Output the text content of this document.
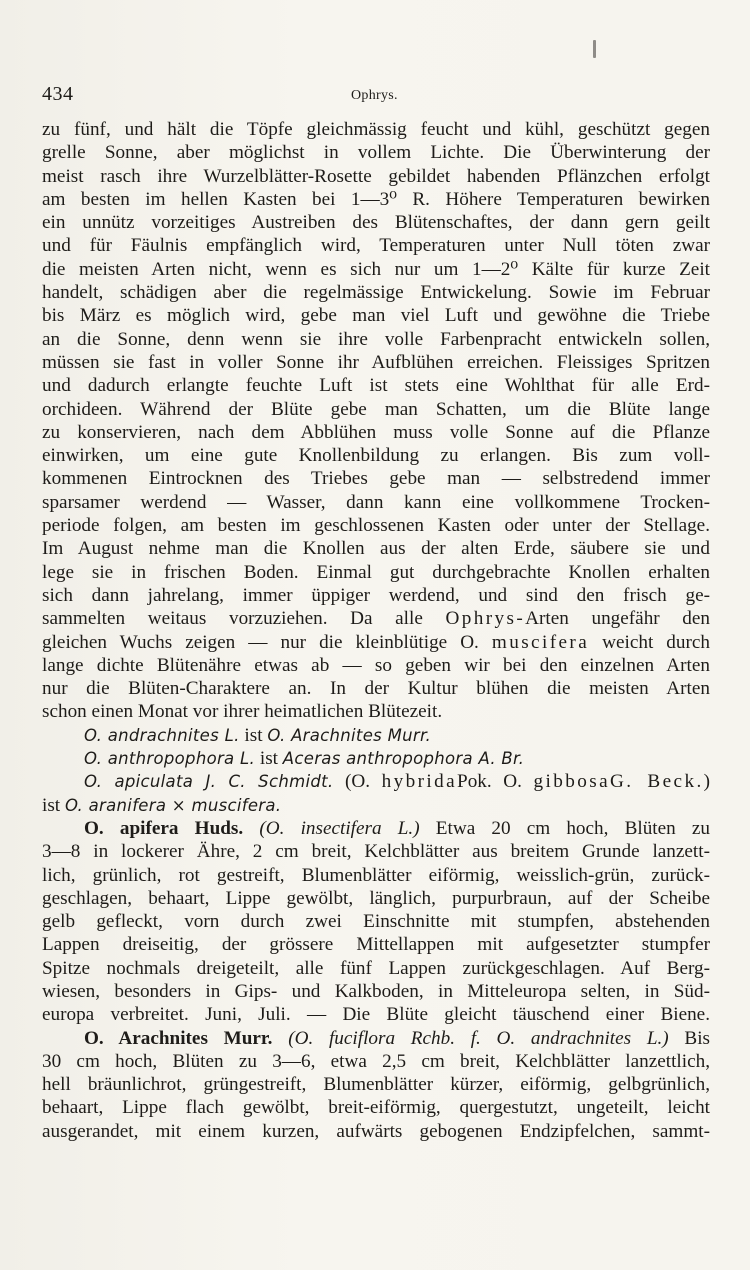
434	Ophrys.
zu fünf, und hält die Töpfe gleichmässig feucht und kühl, geschützt gegen
grelle Sonne, aber möglichst in vollem Lichte. Die Überwinterung der
meist rasch ihre Wurzelblätter-Rosette gebildet habenden Pflänzchen erfolgt
am besten im hellen Kasten bei 1—3⁰ R. Höhere Temperaturen bewirken
ein unnütz vorzeitiges Austreiben des Blütenschaftes, der dann gern geilt
und für Fäulnis empfänglich wird, Temperaturen unter Null töten zwar
die meisten Arten nicht, wenn es sich nur um 1—2⁰ Kälte für kurze Zeit
handelt, schädigen aber die regelmässige Entwickelung. Sowie im Februar
bis März es möglich wird, gebe man viel Luft und gewöhne die Triebe
an die Sonne, denn wenn sie ihre volle Farbenpracht entwickeln sollen,
müssen sie fast in voller Sonne ihr Aufblühen erreichen. Fleissiges Spritzen
und dadurch erlangte feuchte Luft ist stets eine Wohlthat für alle Erd-
orchideen. Während der Blüte gebe man Schatten, um die Blüte lange
zu konservieren, nach dem Abblühen muss volle Sonne auf die Pflanze
einwirken, um eine gute Knollenbildung zu erlangen. Bis zum voll-
kommenen Eintrocknen des Triebes gebe man — selbstredend immer
sparsamer werdend — Wasser, dann kann eine vollkommene Trocken-
periode folgen, am besten im geschlossenen Kasten oder unter der Stellage.
Im August nehme man die Knollen aus der alten Erde, säubere sie und
lege sie in frischen Boden. Einmal gut durchgebrachte Knollen erhalten
sich dann jahrelang, immer üppiger werdend, und sind den frisch ge-
sammelten weitaus vorzuziehen. Da alle Ophrys-Arten ungefähr den
gleichen Wuchs zeigen — nur die kleinblütige O. muscifera weicht durch
lange dichte Blütenähre etwas ab — so geben wir bei den einzelnen Arten
nur die Blüten-Charaktere an. In der Kultur blühen die meisten Arten
schon einen Monat vor ihrer heimatlichen Blütezeit.
O. andrachnites L. ist O. Arachnites Murr.
O. anthropophora L. ist Aceras anthropophora A. Br.
O. apiculata J. C. Schmidt. (O. hybridaPok. O. gibbosaG. Beck.)
ist O. aranifera × muscifera.
O. apifera Huds. (O. insectifera L.) Etwa 20 cm hoch, Blüten zu
3—8 in lockerer Ähre, 2 cm breit, Kelchblätter aus breitem Grunde lanzett-
lich, grünlich, rot gestreift, Blumenblätter eiförmig, weisslich-grün, zurück-
geschlagen, behaart, Lippe gewölbt, länglich, purpurbraun, auf der Scheibe
gelb gefleckt, vorn durch zwei Einschnitte mit stumpfen, abstehenden
Lappen dreiseitig, der grössere Mittellappen mit aufgesetzter stumpfer
Spitze nochmals dreigeteilt, alle fünf Lappen zurückgeschlagen. Auf Berg-
wiesen, besonders in Gips- und Kalkboden, in Mitteleuropa selten, in Süd-
europa verbreitet. Juni, Juli. — Die Blüte gleicht täuschend einer Biene.
O. Arachnites Murr. (O. fuciflora Rchb. f. O. andrachnites L.) Bis
30 cm hoch, Blüten zu 3—6, etwa 2,5 cm breit, Kelchblätter lanzettlich,
hell bräunlichrot, grüngestreift, Blumenblätter kürzer, eiförmig, gelbgrünlich,
behaart, Lippe flach gewölbt, breit-eiförmig, quergestutzt, ungeteilt, leicht
ausgerandet, mit einem kurzen, aufwärts gebogenen Endzipfelchen, sammt-
